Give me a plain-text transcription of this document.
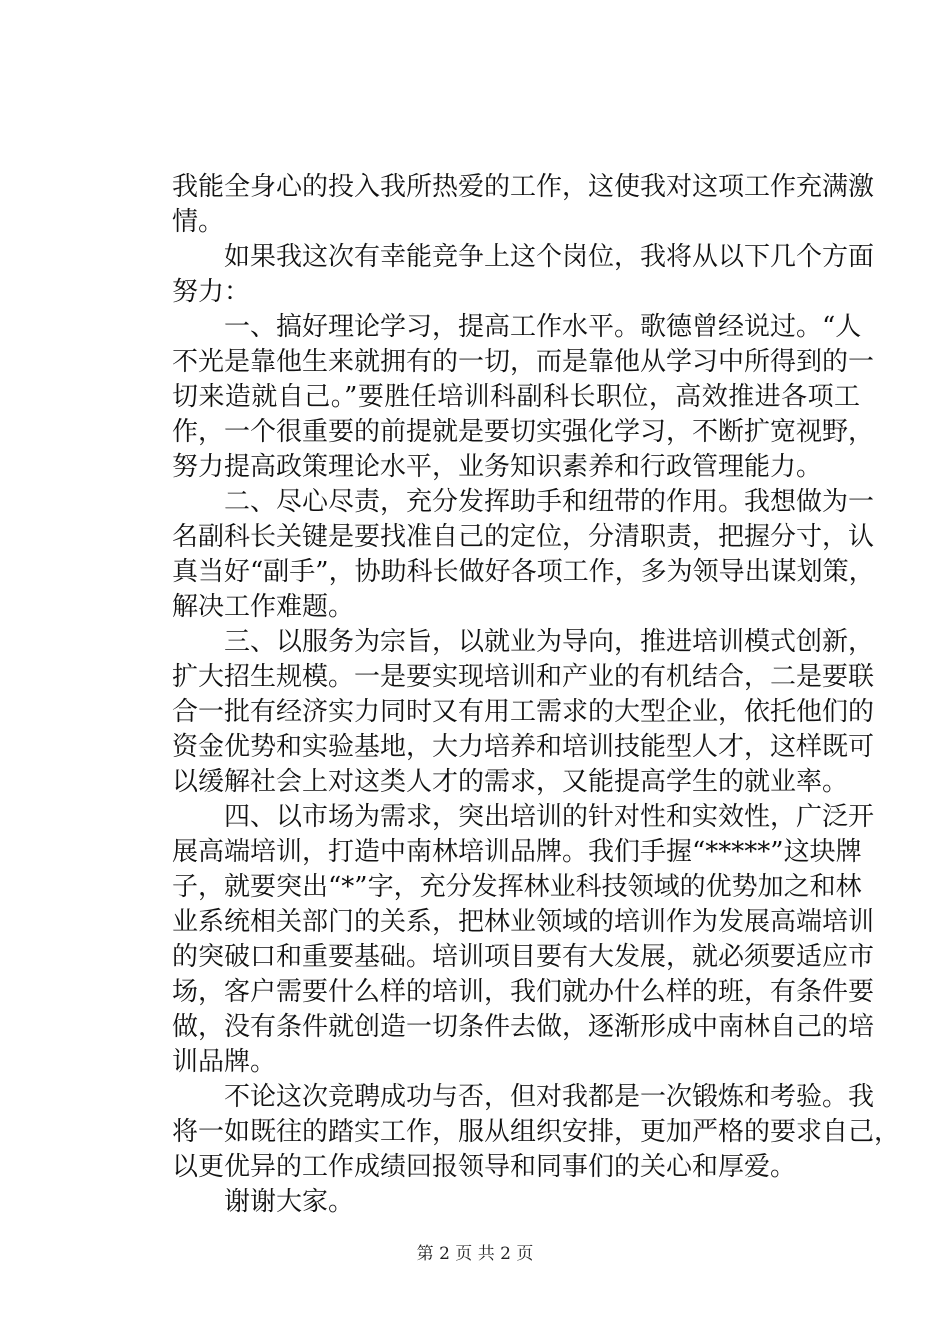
我能全身心的投入我所热爱的工作，这使我对这项工作充满激
情。
如果我这次有幸能竞争上这个岗位，我将从以下几个方面
努力：
一、搞好理论学习，提高工作水平。歌德曾经说过。“人
不光是靠他生来就拥有的一切，而是靠他从学习中所得到的一
切来造就自己。”要胜任培训科副科长职位，高效推进各项工
作，一个很重要的前提就是要切实强化学习，不断扩宽视野，
努力提高政策理论水平，业务知识素养和行政管理能力。
二、尽心尽责，充分发挥助手和纽带的作用。我想做为一
名副科长关键是要找准自己的定位，分清职责，把握分寸，认
真当好“副手”，协助科长做好各项工作，多为领导出谋划策，
解决工作难题。
三、以服务为宗旨，以就业为导向，推进培训模式创新，
扩大招生规模。一是要实现培训和产业的有机结合，二是要联
合一批有经济实力同时又有用工需求的大型企业，依托他们的
资金优势和实验基地，大力培养和培训技能型人才，这样既可
以缓解社会上对这类人才的需求，又能提高学生的就业率。
四、以市场为需求，突出培训的针对性和实效性，广泛开
展高端培训，打造中南林培训品牌。我们手握“*****”这块牌
子，就要突出“*”字，充分发挥林业科技领域的优势加之和林
业系统相关部门的关系，把林业领域的培训作为发展高端培训
的突破口和重要基础。培训项目要有大发展，就必须要适应市
场，客户需要什么样的培训，我们就办什么样的班，有条件要
做，没有条件就创造一切条件去做，逐渐形成中南林自己的培
训品牌。
不论这次竞聘成功与否，但对我都是一次锻炼和考验。我
将一如既往的踏实工作，服从组织安排，更加严格的要求自己，
以更优异的工作成绩回报领导和同事们的关心和厚爱。
谢谢大家。
第 2 页 共 2 页
